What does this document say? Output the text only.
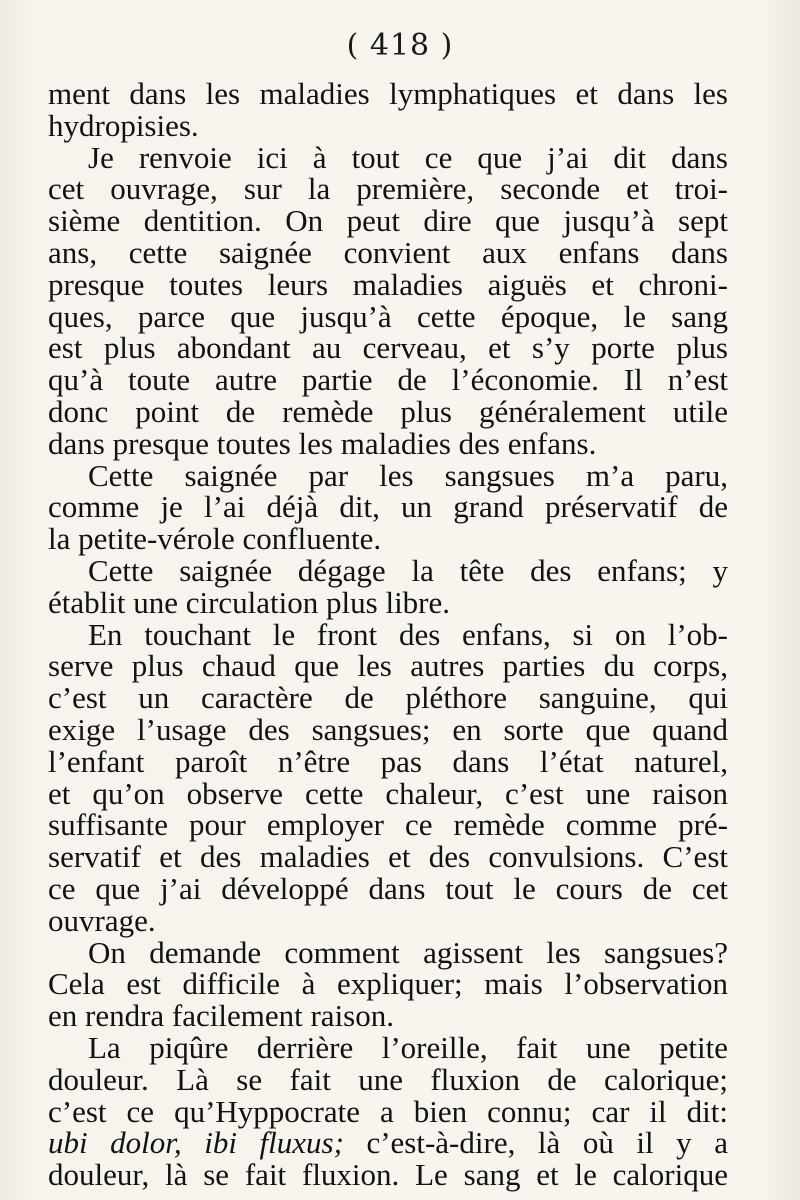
( 418 )
ment dans les maladies lymphatiques et dans les
hydropisies.
Je renvoie ici à tout ce que j’ai dit dans
cet ouvrage, sur la première, seconde et troi-
sième dentition. On peut dire que jusqu’à sept
ans, cette saignée convient aux enfans dans
presque toutes leurs maladies aiguës et chroni-
ques, parce que jusqu’à cette époque, le sang
est plus abondant au cerveau, et s’y porte plus
qu’à toute autre partie de l’économie. Il n’est
donc point de remède plus généralement utile
dans presque toutes les maladies des enfans.
Cette saignée par les sangsues m’a paru,
comme je l’ai déjà dit, un grand préservatif de
la petite-vérole confluente.
Cette saignée dégage la tête des enfans; y
établit une circulation plus libre.
En touchant le front des enfans, si on l’ob-
serve plus chaud que les autres parties du corps,
c’est un caractère de pléthore sanguine, qui
exige l’usage des sangsues; en sorte que quand
l’enfant paroît n’être pas dans l’état naturel,
et qu’on observe cette chaleur, c’est une raison
suffisante pour employer ce remède comme pré-
servatif et des maladies et des convulsions. C’est
ce que j’ai développé dans tout le cours de cet
ouvrage.
On demande comment agissent les sangsues?
Cela est difficile à expliquer; mais l’observation
en rendra facilement raison.
La piqûre derrière l’oreille, fait une petite
douleur. Là se fait une fluxion de calorique;
c’est ce qu’Hyppocrate a bien connu; car il dit:
ubi dolor, ibi fluxus; c’est-à-dire, là où il y a
douleur, là se fait fluxion. Le sang et le calorique
